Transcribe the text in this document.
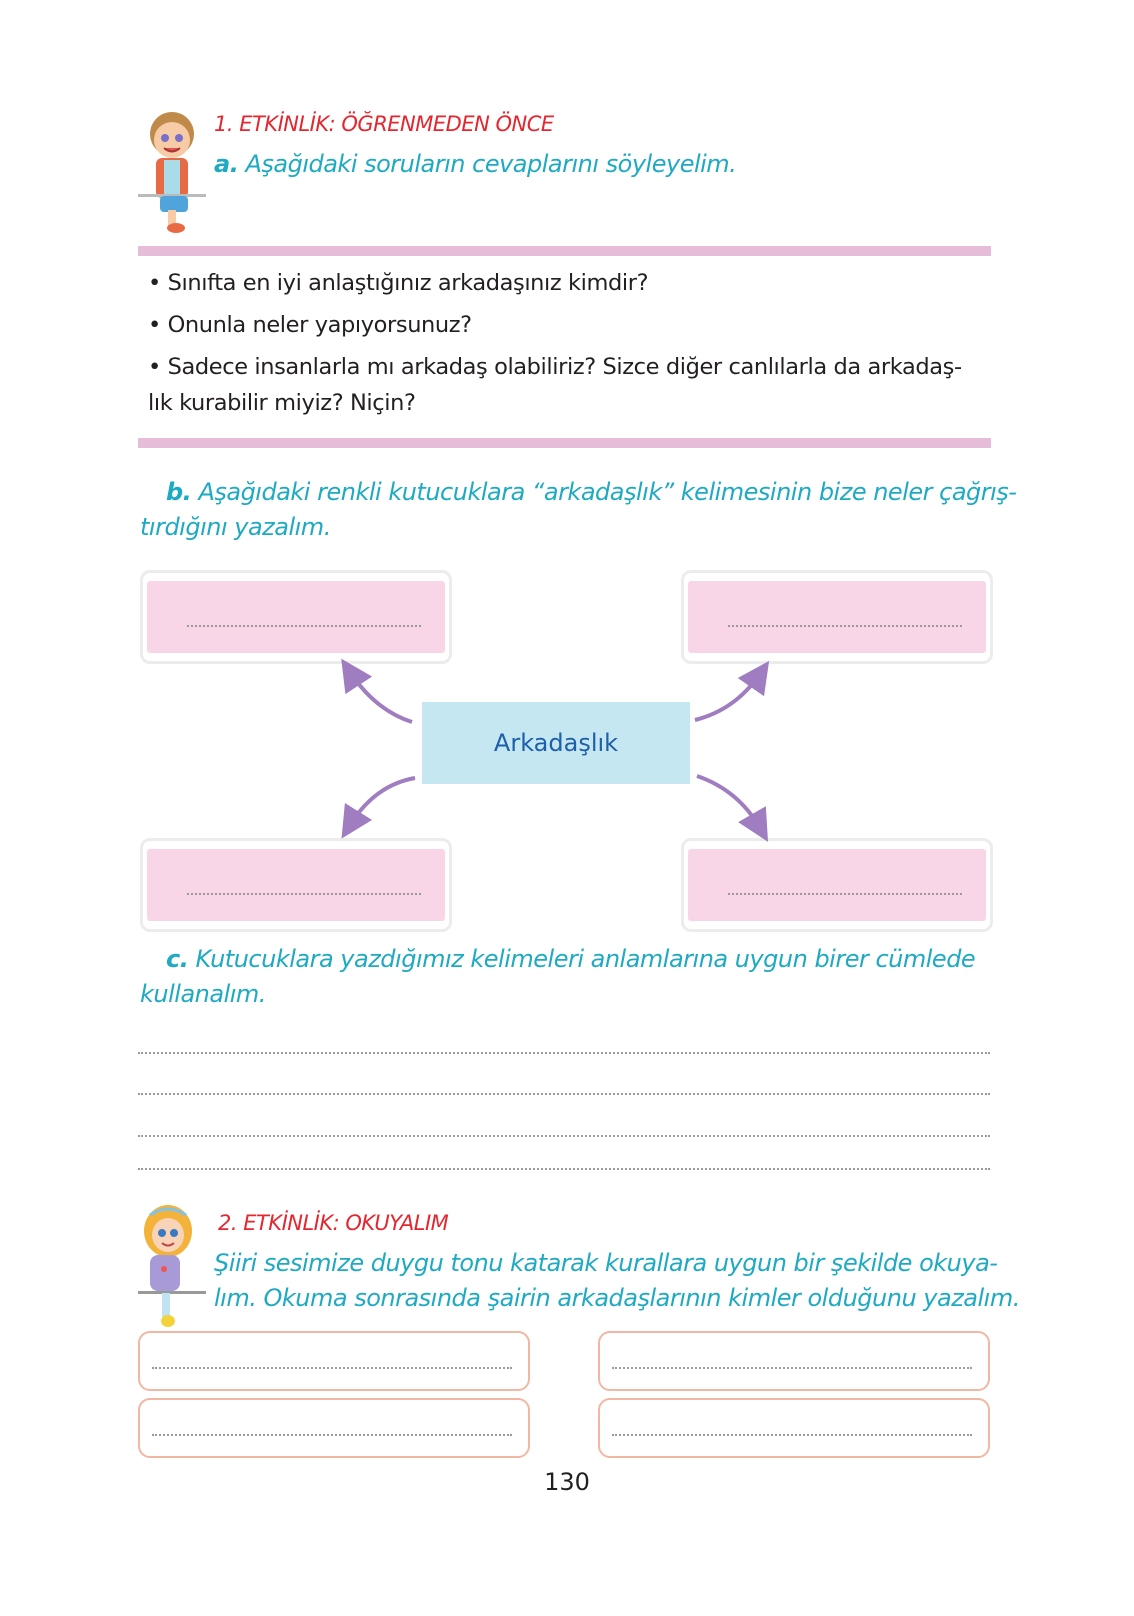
1. ETKİNLİK: ÖĞRENMEDEN ÖNCE
a. Aşağıdaki soruların cevaplarını söyleyelim.
• Sınıfta en iyi anlaştığınız arkadaşınız kimdir?
• Onunla neler yapıyorsunuz?
• Sadece insanlarla mı arkadaş olabiliriz? Sizce diğer canlılarla da arkadaş-
lık kurabilir miyiz? Niçin?
b. Aşağıdaki renkli kutucuklara “arkadaşlık” kelimesinin bize neler çağrış-
tırdığını yazalım.
Arkadaşlık
c. Kutucuklara yazdığımız kelimeleri anlamlarına uygun birer cümlede
kullanalım.
2. ETKİNLİK: OKUYALIM
Şiiri sesimize duygu tonu katarak kurallara uygun bir şekilde okuya-
lım. Okuma sonrasında şairin arkadaşlarının kimler olduğunu yazalım.
130
